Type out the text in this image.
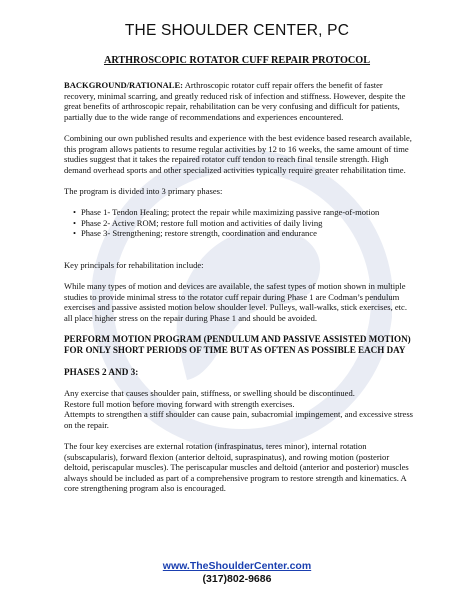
THE SHOULDER CENTER, PC
ARTHROSCOPIC ROTATOR CUFF REPAIR PROTOCOL

BACKGROUND/RATIONALE: Arthroscopic rotator cuff repair offers the benefit of faster recovery, minimal scarring, and greatly reduced risk of infection and stiffness. However, despite the great benefits of arthroscopic repair, rehabilitation can be very confusing and difficult for patients, partially due to the wide range of recommendations and experiences encountered.

Combining our own published results and experience with the best evidence based research available, this program allows patients to resume regular activities by 12 to 16 weeks, the same amount of time studies suggest that it takes the repaired rotator cuff tendon to reach final tensile strength. High demand overhead sports and other specialized activities typically require greater rehabilitation time.

The program is divided into 3 primary phases:

• Phase 1- Tendon Healing; protect the repair while maximizing passive range-of-motion
• Phase 2- Active ROM; restore full motion and activities of daily living
• Phase 3- Strengthening; restore strength, coordination and endurance

Key principals for rehabilitation include:

While many types of motion and devices are available, the safest types of motion shown in multiple studies to provide minimal stress to the rotator cuff repair during Phase 1 are Codman’s pendulum exercises and passive assisted motion below shoulder level. Pulleys, wall-walks, stick exercises, etc. all place higher stress on the repair during Phase 1 and should be avoided.

PERFORM MOTION PROGRAM (PENDULUM AND PASSIVE ASSISTED MOTION) FOR ONLY SHORT PERIODS OF TIME BUT AS OFTEN AS POSSIBLE EACH DAY

PHASES 2 AND 3:

Any exercise that causes shoulder pain, stiffness, or swelling should be discontinued.
Restore full motion before moving forward with strength exercises.
Attempts to strengthen a stiff shoulder can cause pain, subacromial impingement, and excessive stress on the repair.

The four key exercises are external rotation (infraspinatus, teres minor), internal rotation (subscapularis), forward flexion (anterior deltoid, supraspinatus), and rowing motion (posterior deltoid, periscapular muscles). The periscapular muscles and deltoid (anterior and posterior) muscles always should be included as part of a comprehensive program to restore strength and kinematics. A core strengthening program also is encouraged.

www.TheShoulderCenter.com
(317)802-9686
